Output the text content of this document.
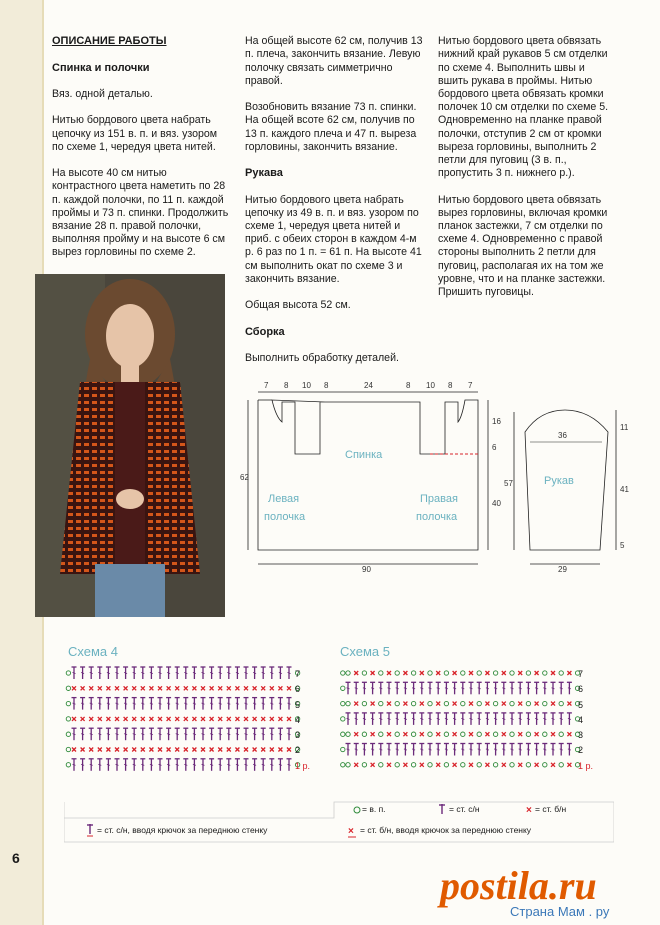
ОПИСАНИЕ РАБОТЫ

Спинка и полочки

Вяз. одной деталью.

Нитью бордового цвета набрать цепочку из 151 в. п. и вяз. узором по схеме 1, чередуя цвета нитей.

На высоте 40 см нитью контрастного цвета наметить по 28 п. каждой полочки, по 11 п. каждой проймы и 73 п. спинки. Продолжить вязание 28 п. правой полочки, выполняя пройму и на высоте 6 см вырез горловины по схеме 2.

На общей высоте 62 см, получив 13 п. плеча, закончить вязание. Левую полочку связать симметрично правой.

Возобновить вязание 73 п. спинки. На общей всоте 62 см, получив по 13 п. каждого плеча и 47 п. выреза горловины, закончить вязание.

Рукава

Нитью бордового цвета набрать цепочку из 49 в. п. и вяз. узором по схеме 1, чередуя цвета нитей и приб. с обеих сторон в каждом 4-м р. 6 раз по 1 п. = 61 п. На высоте 41 см выполнить окат по схеме 3 и закончить вязание.

Общая высота 52 см.

Сборка

Выполнить обработку деталей.

Нитью бордового цвета обвязать нижний край рукавов 5 см отделки по схеме 4. Выполнить швы и вшить рукава в проймы. Нитью бордового цвета обвязать кромки полочек 10 см отделки по схеме 5. Одновременно на планке правой полочки, отступив 2 см от кромки выреза горловины, выполнить 2 петли для пуговиц (3 в. п., пропустить 3 п. нижнего р.).

Нитью бордового цвета обвязать вырез горловины, включая кромки планок застежки, 7 см отделки по схеме 4. Одновременно с правой стороны выполнить 2 петли для пуговиц, располагая их на том же уровне, что и на планке застежки. Пришить пуговицы.

7 8 10 8	24	8 10 8 7
Спинка
Левая
полочка
Правая
полочка
90
62
16
6
40
36
Рукав
29
57
11
41
5
Схема 4	Схема 5
7
6
5
4
3
2
1 р.
7
6
5
4
3
2
1 р.
×
×
= в. п.	= ст. с/н	= ст. б/н
= ст. с/н, вводя крючок за переднюю стенку	= ст. б/н, вводя крючок за переднюю стенку
6
postila.ru
Страна Мам . ру
